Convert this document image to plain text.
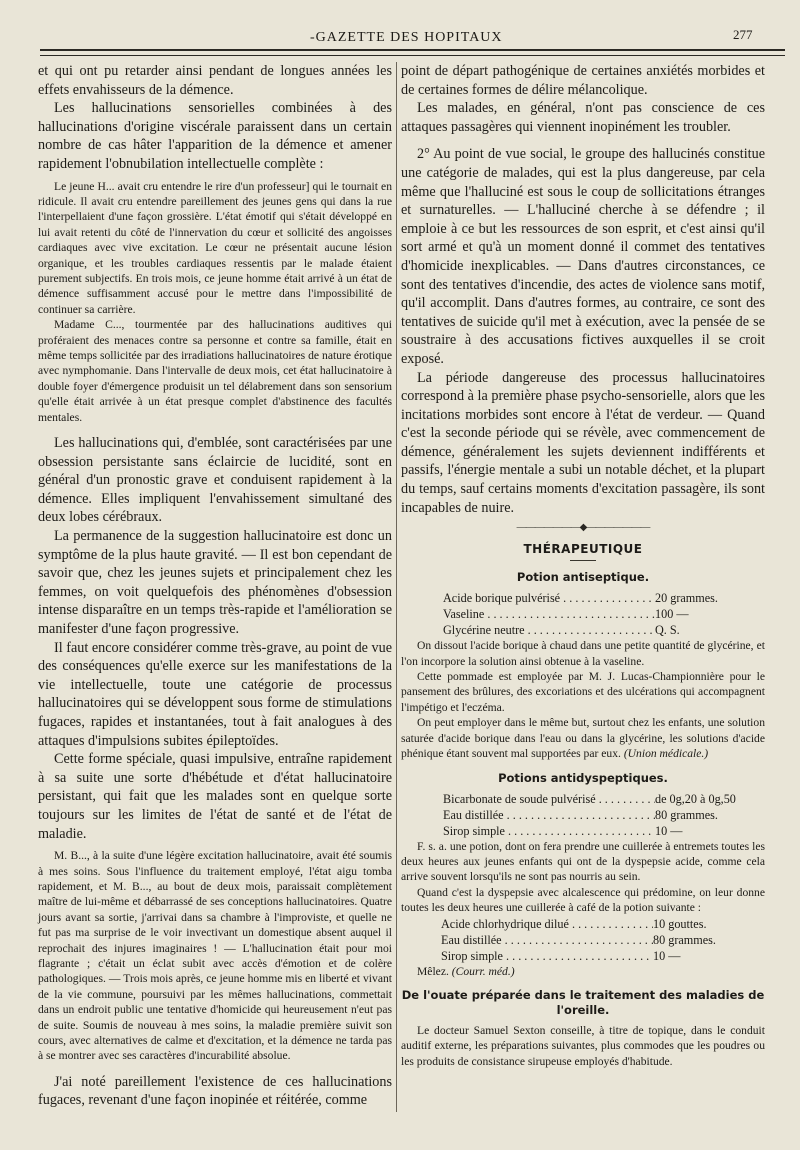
-GAZETTE DES HOPITAUX	277

et qui ont pu retarder ainsi pendant de longues années les effets envahisseurs de la démence.

Les hallucinations sensorielles combinées à des hallucinations d'origine viscérale paraissent dans un certain nombre de cas hâter l'apparition de la démence et amener rapidement l'obnubilation intellectuelle complète :

Le jeune H... avait cru entendre le rire d'un professeur] qui le tournait en ridicule. Il avait cru entendre pareillement des jeunes gens qui dans la rue l'interpellaient d'une façon grossière. L'état émotif qui s'était développé en lui avait retenti du côté de l'innervation du cœur et sollicité des angoisses cardiaques avec vive excitation. Le cœur ne présentait aucune lésion organique, et les troubles cardiaques ressentis par le malade étaient purement subjectifs. En trois mois, ce jeune homme était arrivé à un état de démence suffisamment accusé pour le mettre dans l'impossibilité de continuer sa carrière.

Madame C..., tourmentée par des hallucinations auditives qui proféraient des menaces contre sa personne et contre sa famille, était en même temps sollicitée par des irradiations hallucinatoires de nature érotique avec nymphomanie. Dans l'intervalle de deux mois, cet état hallucinatoire à double foyer d'émergence produisit un tel délabrement dans son sensorium qu'elle était arrivée à un état presque complet d'abstinence des facultés mentales.

Les hallucinations qui, d'emblée, sont caractérisées par une obsession persistante sans éclaircie de lucidité, sont en général d'un pronostic grave et conduisent rapidement à la démence. Elles impliquent l'envahissement simultané des deux lobes cérébraux.

La permanence de la suggestion hallucinatoire est donc un symptôme de la plus haute gravité. — Il est bon cependant de savoir que, chez les jeunes sujets et principalement chez les femmes, on voit quelquefois des phénomènes d'obsession intense disparaître en un temps très-rapide et l'amélioration se manifester d'une façon progressive.

Il faut encore considérer comme très-grave, au point de vue des conséquences qu'elle exerce sur les manifestations de la vie intellectuelle, toute une catégorie de processus hallucinatoires qui se développent sous forme de stimulations fugaces, rapides et instantanées, tout à fait analogues à des attaques d'impulsions subites épileptoïdes.

Cette forme spéciale, quasi impulsive, entraîne rapidement à sa suite une sorte d'hébétude et d'état hallucinatoire persistant, qui fait que les malades sont en quelque sorte toujours sur les limites de l'état de santé et de l'état de maladie.

M. B..., à la suite d'une légère excitation hallucinatoire, avait été soumis à mes soins. Sous l'influence du traitement employé, l'état aigu tomba rapidement, et M. B..., au bout de deux mois, paraissait complètement maître de lui-même et débarrassé de ses conceptions hallucinatoires. Quatre jours avant sa sortie, j'arrivai dans sa chambre à l'improviste, et quelle ne fut pas ma surprise de le voir invectivant un domestique absent auquel il reprochait des injures imaginaires ! — L'hallucination était pour moi flagrante ; c'était un éclat subit avec accès d'émotion et de colère pathologiques. — Trois mois après, ce jeune homme mis en liberté et vivant de la vie commune, poursuivi par les mêmes hallucinations, commettait dans un endroit public une tentative d'homicide qui heureusement n'eut pas de suite. Soumis de nouveau à mes soins, la maladie première suivit son cours, avec alternatives de calme et d'excitation, et la démence ne tarda pas à se montrer avec ses caractères d'incurabilité absolue.

J'ai noté pareillement l'existence de ces hallucinations fugaces, revenant d'une façon inopinée et réitérée, comme

point de départ pathogénique de certaines anxiétés morbides et de certaines formes de délire mélancolique.

Les malades, en général, n'ont pas conscience de ces attaques passagères qui viennent inopinément les troubler.

2° Au point de vue social, le groupe des hallucinés constitue une catégorie de malades, qui est la plus dangereuse, par cela même que l'halluciné est sous le coup de sollicitations étranges et surnaturelles. — L'halluciné cherche à se défendre ; il emploie à ce but les ressources de son esprit, et c'est ainsi qu'il sort armé et qu'à un moment donné il commet des tentatives d'homicide inexplicables. — Dans d'autres circonstances, ce sont des tentatives d'incendie, des actes de violence sans motif, qu'il accomplit. Dans d'autres formes, au contraire, ce sont des tentatives de suicide qu'il met à exécution, avec la pensée de se soustraire à des accusations fictives auxquelles il se croit exposé.

La période dangereuse des processus hallucinatoires correspond à la première phase psycho-sensorielle, alors que les incitations morbides sont encore à l'état de verdeur. — Quand c'est la seconde période qui se révèle, avec commencement de démence, généralement les sujets deviennent indifférents et passifs, l'énergie mentale a subi un notable déchet, et la plupart du temps, sauf certains moments d'excitation passagère, ils sont incapables de nuire.

———————◆———————
THÉRAPEUTIQUE
Potion antiseptique.
Acide borique pulvérisé . . .	20 grammes.
Vaseline . . .	100 —
Glycérine neutre . . .	Q. S.

On dissout l'acide borique à chaud dans une petite quantité de glycérine, et l'on incorpore la solution ainsi obtenue à la vaseline.

Cette pommade est employée par M. J. Lucas-Championnière pour le pansement des brûlures, des excoriations et des ulcérations qui accompagnent l'impétigo et l'eczéma.

On peut employer dans le même but, surtout chez les enfants, une solution saturée d'acide borique dans l'eau ou dans la glycérine, les solutions d'acide phénique étant souvent mal supportées par eux. (Union médicale.)

Potions antidyspeptiques.
Bicarbonate de soude pulvérisé . . .	de 0g,20 à 0g,50
Eau distillée . . .	80 grammes.
Sirop simple . . .	10 —

F. s. a. une potion, dont on fera prendre une cuillerée à entremets toutes les deux heures aux jeunes enfants qui ont de la dyspepsie acide, comme cela arrive souvent lorsqu'ils ne sont pas nourris au sein.

Quand c'est la dyspepsie avec alcalescence qui prédomine, on leur donne toutes les deux heures une cuillerée à café de la potion suivante :

Acide chlorhydrique dilué . . .	10 gouttes.
Eau distillée . . .	80 grammes.
Sirop simple . . .	10 —

Mêlez. (Courr. méd.)

De l'ouate préparée dans le traitement des maladies de l'oreille.

Le docteur Samuel Sexton conseille, à titre de topique, dans le conduit auditif externe, les préparations suivantes, plus commodes que les poudres ou les produits de consistance sirupeuse employés d'habitude.
